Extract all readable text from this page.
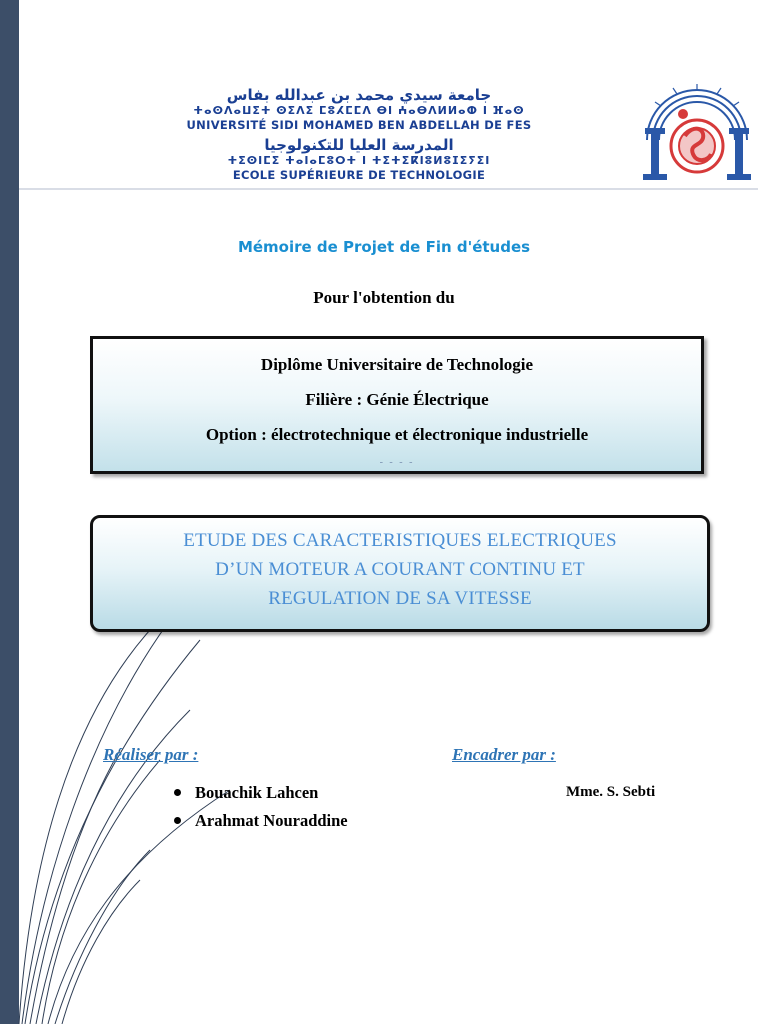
جامعة سيدي محمد بن عبدالله بفاس
ⵜⴰⵙⴷⴰⵡⵉⵜ ⵙⵉⴷⵉ ⵎⵓⵃⵎⵎⴷ ⴱⵏ ⵄⴰⴱⴷⵍⵍⴰⵀ ⵏ ⴼⴰⵙ
UNIVERSITÉ SIDI MOHAMED BEN ABDELLAH DE FES
المدرسة العليا للتكنولوجيا
ⵜⵉⵙⵏⵎⵉ ⵜⴰⵏⴰⵎⵓⵔⵜ ⵏ ⵜⵉⵜⵉⴽⵏⵓⵍⵓⵊⵉⵢⵉⵏ
ECOLE SUPÉRIEURE DE TECHNOLOGIE
Mémoire de Projet de Fin d'études
Pour l'obtention du
Diplôme Universitaire de Technologie
Filière : Génie Électrique
Option : électrotechnique et électronique industrielle
- - - -
ETUDE DES CARACTERISTIQUES ELECTRIQUES
D’UN MOTEUR A COURANT CONTINU ET
REGULATION DE SA VITESSE
Réaliser par :	Encadrer par :
Bouachik Lahcen
Arahmat Nouraddine
Mme. S. Sebti
